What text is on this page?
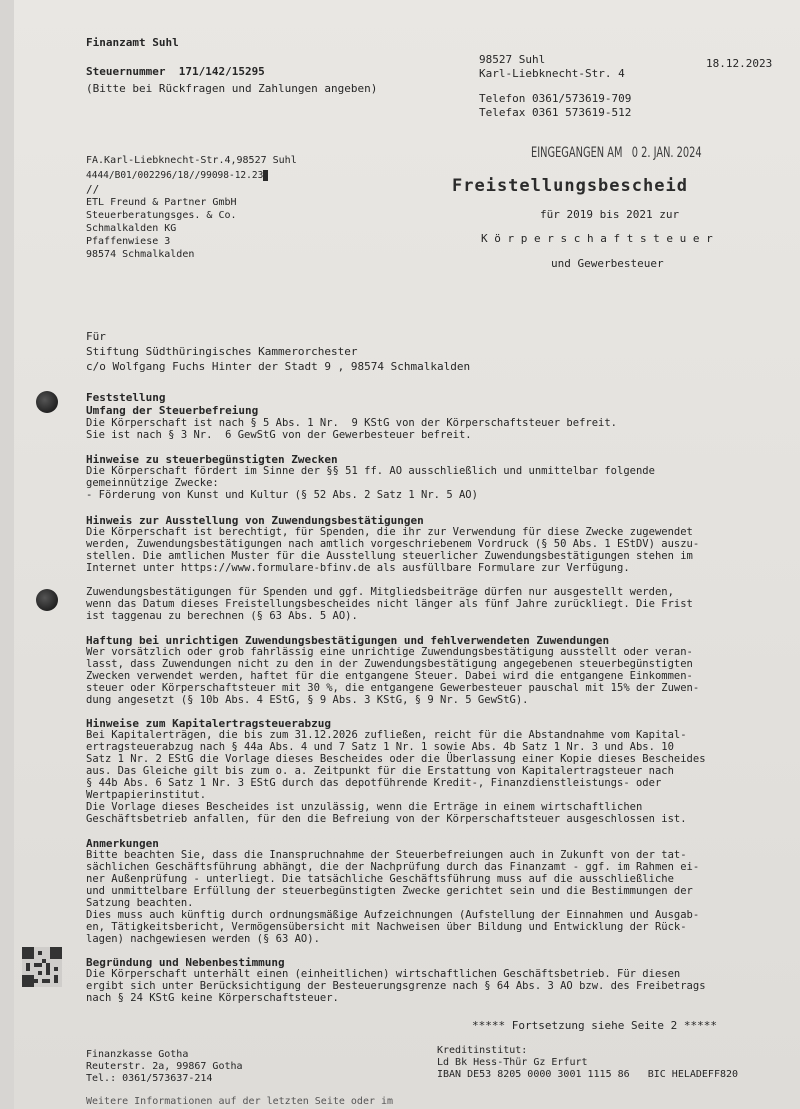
Finanzamt Suhl
Steuernummer  171/142/15295
(Bitte bei Rückfragen und Zahlungen angeben)
98527 Suhl
Karl-Liebknecht-Str. 4
18.12.2023
Telefon 0361/573619-709
Telefax 0361 573619-512
EINGEGANGEN AM   0 2. JAN. 2024
FA.Karl-Liebknecht-Str.4,98527 Suhl
4444/B01/002296/18//99098-12.23
//
ETL Freund & Partner GmbH
Steuerberatungsges. & Co.
Schmalkalden KG
Pfaffenwiese 3
98574 Schmalkalden
Freistellungsbescheid
für 2019 bis 2021 zur
K ö r p e r s c h a f t s t e u e r
und Gewerbesteuer
Für
Stiftung Südthüringisches Kammerorchester
c/o Wolfgang Fuchs Hinter der Stadt 9 , 98574 Schmalkalden
Feststellung
Umfang der Steuerbefreiung
Die Körperschaft ist nach § 5 Abs. 1 Nr.  9 KStG von der Körperschaftsteuer befreit.
Sie ist nach § 3 Nr.  6 GewStG von der Gewerbesteuer befreit.
Hinweise zu steuerbegünstigten Zwecken
Die Körperschaft fördert im Sinne der §§ 51 ff. AO ausschließlich und unmittelbar folgende
gemeinnützige Zwecke:
- Förderung von Kunst und Kultur (§ 52 Abs. 2 Satz 1 Nr. 5 AO)
Hinweis zur Ausstellung von Zuwendungsbestätigungen
Die Körperschaft ist berechtigt, für Spenden, die ihr zur Verwendung für diese Zwecke zugewendet
werden, Zuwendungsbestätigungen nach amtlich vorgeschriebenem Vordruck (§ 50 Abs. 1 EStDV) auszu-
stellen. Die amtlichen Muster für die Ausstellung steuerlicher Zuwendungsbestätigungen stehen im
Internet unter https://www.formulare-bfinv.de als ausfüllbare Formulare zur Verfügung.
Zuwendungsbestätigungen für Spenden und ggf. Mitgliedsbeiträge dürfen nur ausgestellt werden,
wenn das Datum dieses Freistellungsbescheides nicht länger als fünf Jahre zurückliegt. Die Frist
ist taggenau zu berechnen (§ 63 Abs. 5 AO).
Haftung bei unrichtigen Zuwendungsbestätigungen und fehlverwendeten Zuwendungen
Wer vorsätzlich oder grob fahrlässig eine unrichtige Zuwendungsbestätigung ausstellt oder veran-
lasst, dass Zuwendungen nicht zu den in der Zuwendungsbestätigung angegebenen steuerbegünstigten
Zwecken verwendet werden, haftet für die entgangene Steuer. Dabei wird die entgangene Einkommen-
steuer oder Körperschaftsteuer mit 30 %, die entgangene Gewerbesteuer pauschal mit 15% der Zuwen-
dung angesetzt (§ 10b Abs. 4 EStG, § 9 Abs. 3 KStG, § 9 Nr. 5 GewStG).
Hinweise zum Kapitalertragsteuerabzug
Bei Kapitalerträgen, die bis zum 31.12.2026 zufließen, reicht für die Abstandnahme vom Kapital-
ertragsteuerabzug nach § 44a Abs. 4 und 7 Satz 1 Nr. 1 sowie Abs. 4b Satz 1 Nr. 3 und Abs. 10
Satz 1 Nr. 2 EStG die Vorlage dieses Bescheides oder die Überlassung einer Kopie dieses Bescheides
aus. Das Gleiche gilt bis zum o. a. Zeitpunkt für die Erstattung von Kapitalertragsteuer nach
§ 44b Abs. 6 Satz 1 Nr. 3 EStG durch das depotführende Kredit-, Finanzdienstleistungs- oder
Wertpapierinstitut.
Die Vorlage dieses Bescheides ist unzulässig, wenn die Erträge in einem wirtschaftlichen
Geschäftsbetrieb anfallen, für den die Befreiung von der Körperschaftsteuer ausgeschlossen ist.
Anmerkungen
Bitte beachten Sie, dass die Inanspruchnahme der Steuerbefreiungen auch in Zukunft von der tat-
sächlichen Geschäftsführung abhängt, die der Nachprüfung durch das Finanzamt - ggf. im Rahmen ei-
ner Außenprüfung - unterliegt. Die tatsächliche Geschäftsführung muss auf die ausschließliche
und unmittelbare Erfüllung der steuerbegünstigten Zwecke gerichtet sein und die Bestimmungen der
Satzung beachten.
Dies muss auch künftig durch ordnungsmäßige Aufzeichnungen (Aufstellung der Einnahmen und Ausgab-
en, Tätigkeitsbericht, Vermögensübersicht mit Nachweisen über Bildung und Entwicklung der Rück-
lagen) nachgewiesen werden (§ 63 AO).
Begründung und Nebenbestimmung
Die Körperschaft unterhält einen (einheitlichen) wirtschaftlichen Geschäftsbetrieb. Für diesen
ergibt sich unter Berücksichtigung der Besteuerungsgrenze nach § 64 Abs. 3 AO bzw. des Freibetrags
nach § 24 KStG keine Körperschaftsteuer.
***** Fortsetzung siehe Seite 2 *****
Finanzkasse Gotha
Reuterstr. 2a, 99867 Gotha
Tel.: 0361/573637-214
Kreditinstitut:
Ld Bk Hess-Thür Gz Erfurt
IBAN DE53 8205 0000 3001 1115 86   BIC HELADEFF820
Weitere Informationen auf der letzten Seite oder im
